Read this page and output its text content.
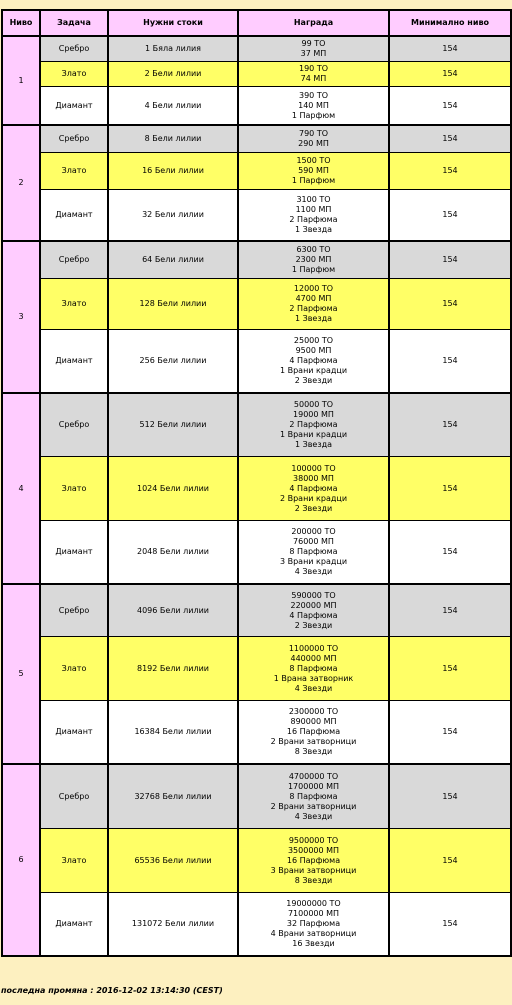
Ниво	Задача	Нужни стоки	Награда	Минимално ниво
1	Сребро	1 Бяла лилия	99 ТО
37 МП	154
	Злато	2 Бели лилии	190 ТО
74 МП	154
	Диамант	4 Бели лилии	390 ТО
140 МП
1 Парфюм	154
2	Сребро	8 Бели лилии	790 ТО
290 МП	154
	Злато	16 Бели лилии	1500 ТО
590 МП
1 Парфюм	154
	Диамант	32 Бели лилии	3100 ТО
1100 МП
2 Парфюма
1 Звезда	154
3	Сребро	64 Бели лилии	6300 ТО
2300 МП
1 Парфюм	154
	Злато	128 Бели лилии	12000 ТО
4700 МП
2 Парфюма
1 Звезда	154
	Диамант	256 Бели лилии	25000 ТО
9500 МП
4 Парфюма
1 Врани крадци
2 Звезди	154
4	Сребро	512 Бели лилии	50000 ТО
19000 МП
2 Парфюма
1 Врани крадци
1 Звезда	154
	Злато	1024 Бели лилии	100000 ТО
38000 МП
4 Парфюма
2 Врани крадци
2 Звезди	154
	Диамант	2048 Бели лилии	200000 ТО
76000 МП
8 Парфюма
3 Врани крадци
4 Звезди	154
5	Сребро	4096 Бели лилии	590000 ТО
220000 МП
4 Парфюма
2 Звезди	154
	Злато	8192 Бели лилии	1100000 ТО
440000 МП
8 Парфюма
1 Врана затворник
4 Звезди	154
	Диамант	16384 Бели лилии	2300000 ТО
890000 МП
16 Парфюма
2 Врани затворници
8 Звезди	154
6	Сребро	32768 Бели лилии	4700000 ТО
1700000 МП
8 Парфюма
2 Врани затворници
4 Звезди	154
	Злато	65536 Бели лилии	9500000 ТО
3500000 МП
16 Парфюма
3 Врани затворници
8 Звезди	154
	Диамант	131072 Бели лилии	19000000 ТО
7100000 МП
32 Парфюма
4 Врани затворници
16 Звезди	154
последна промяна : 2016-12-02 13:14:30 (CEST)
